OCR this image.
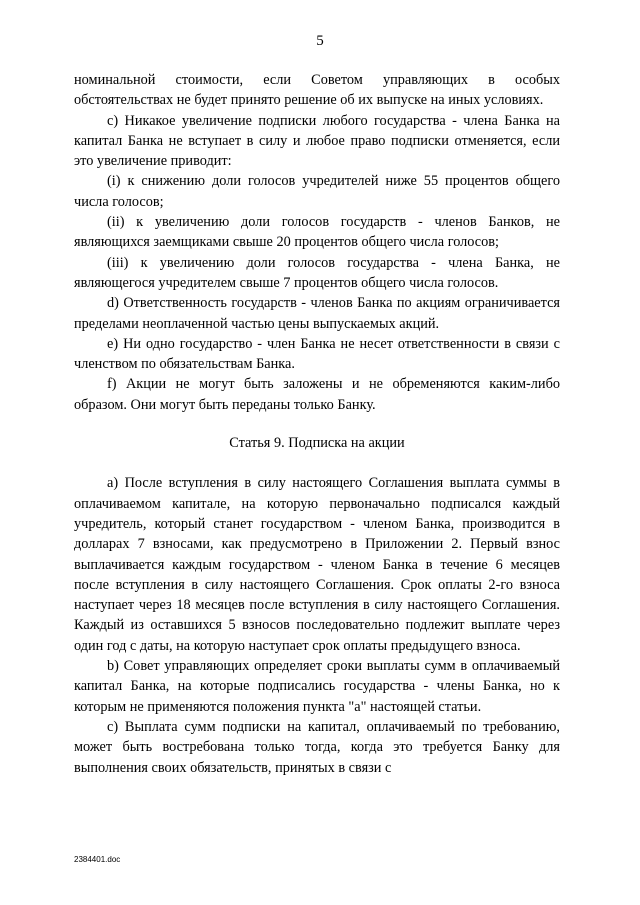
5

номинальной стоимости, если Советом управляющих в особых обстоятельствах не будет принято решение об их выпуске на иных условиях.

c) Никакое увеличение подписки любого государства - члена Банка на капитал Банка не вступает в силу и любое право подписки отменяется, если это увеличение приводит:

(i) к снижению доли голосов учредителей ниже 55 процентов общего числа голосов;

(ii) к увеличению доли голосов государств - членов Банков, не являющихся заемщиками свыше 20 процентов общего числа голосов;

(iii) к увеличению доли голосов государства - члена Банка, не являющегося учредителем свыше 7 процентов общего числа голосов.

d) Ответственность государств - членов Банка по акциям ограничивается пределами неоплаченной частью цены выпускаемых акций.

e) Ни одно государство - член Банка не несет ответственности в связи с членством по обязательствам Банка.

f) Акции не могут быть заложены и не обременяются каким-либо образом. Они могут быть переданы только Банку.

Статья 9. Подписка на акции

a) После вступления в силу настоящего Соглашения выплата суммы в оплачиваемом капитале, на которую первоначально подписался каждый учредитель, который станет государством - членом Банка, производится в долларах 7 взносами, как предусмотрено в Приложении 2. Первый взнос выплачивается каждым государством - членом Банка в течение 6 месяцев после вступления в силу настоящего Соглашения. Срок оплаты 2-го взноса наступает через 18 месяцев после вступления в силу настоящего Соглашения. Каждый из оставшихся 5 взносов последовательно подлежит выплате через один год с даты, на которую наступает срок оплаты предыдущего взноса.

b) Совет управляющих определяет сроки выплаты сумм в оплачиваемый капитал Банка, на которые подписались государства - члены Банка, но к которым не применяются положения пункта "а" настоящей статьи.

c) Выплата сумм подписки на капитал, оплачиваемый по требованию, может быть востребована только тогда, когда это требуется Банку для выполнения своих обязательств, принятых в связи с

2384401.doc
